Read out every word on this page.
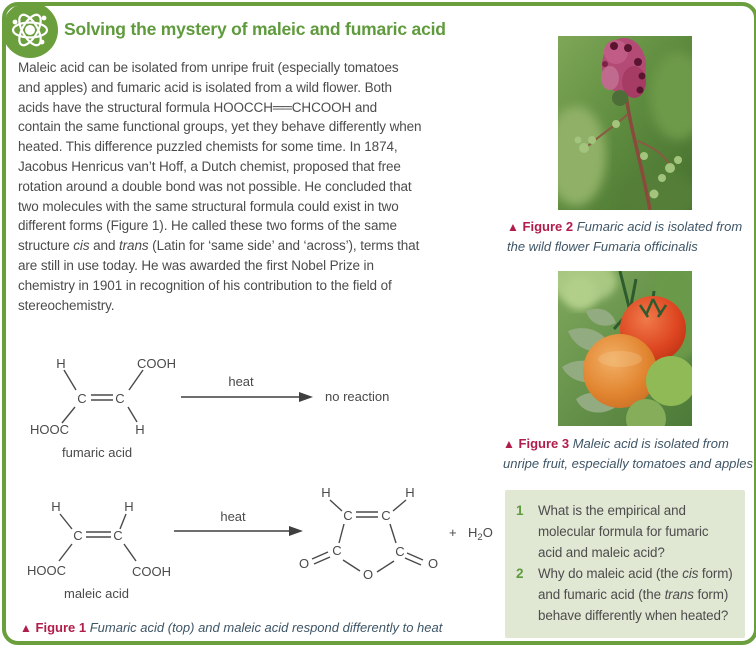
Solving the mystery of maleic and fumaric acid
Maleic acid can be isolated from unripe fruit (especially tomatoes and apples) and fumaric acid is isolated from a wild flower. Both acids have the structural formula HOOCCH══CHCOOH and contain the same functional groups, yet they behave differently when heated. This difference puzzled chemists for some time. In 1874, Jacobus Henricus van’t Hoff, a Dutch chemist, proposed that free rotation around a double bond was not possible. He concluded that two molecules with the same structural formula could exist in two different forms (Figure 1). He called these two forms of the same structure cis and trans (Latin for ‘same side’ and ‘across’), terms that are still in use today. He was awarded the first Nobel Prize in chemistry in 1901 in recognition of his contribution to the field of stereochemistry.
H	COOH
C C
HOOC	H
fumaric acid
heat
no reaction
H	H
C C
HOOC	COOH
maleic acid
heat
H	H
C C
C	C
O	O
O
+ $H_2O$
▲ Figure 1 Fumaric acid (top) and maleic acid respond differently to heat
▲ Figure 2 Fumaric acid is isolated from the wild flower Fumaria officinalis
▲ Figure 3 Maleic acid is isolated from unripe fruit, especially tomatoes and apples
1	What is the empirical and molecular formula for fumaric acid and maleic acid?
2	Why do maleic acid (the cis form) and fumaric acid (the trans form) behave differently when heated?
